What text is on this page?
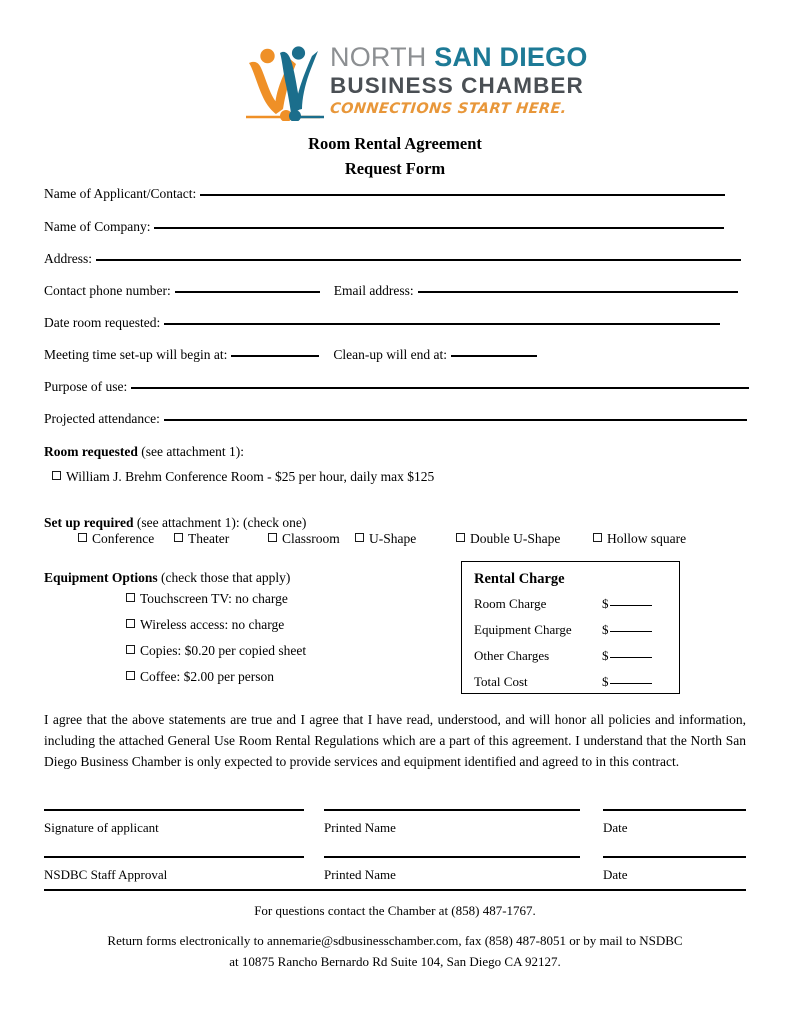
NORTH SAN DIEGO
BUSINESS CHAMBER
CONNECTIONS START HERE.
Room Rental Agreement
Request Form
Name of Applicant/Contact:
Name of Company:
Address:
Contact phone number:	Email address:
Date room requested:
Meeting time set-up will begin at:	Clean-up will end at:
Purpose of use:
Projected attendance:
Room requested (see attachment 1):
William J. Brehm Conference Room - $25 per hour, daily max $125
Set up required (see attachment 1): (check one)
Conference	Theater	Classroom	U-Shape	Double U-Shape	Hollow square
Equipment Options (check those that apply)
Touchscreen TV: no charge
Wireless access: no charge
Copies: $0.20 per copied sheet
Coffee: $2.00 per person
Rental Charge
Room Charge	$
Equipment Charge $
Other Charges	$
Total Cost	$
I agree that the above statements are true and I agree that I have read, understood, and will honor all policies and information, including the attached General Use Room Rental Regulations which are a part of this agreement. I understand that the North San Diego Business Chamber is only expected to provide services and equipment identified and agreed to in this contract.
Signature of applicant	Printed Name	Date
NSDBC Staff Approval	Printed Name	Date
For questions contact the Chamber at (858) 487-1767.
Return forms electronically to annemarie@sdbusinesschamber.com, fax (858) 487-8051 or by mail to NSDBC
at 10875 Rancho Bernardo Rd Suite 104, San Diego CA 92127.
